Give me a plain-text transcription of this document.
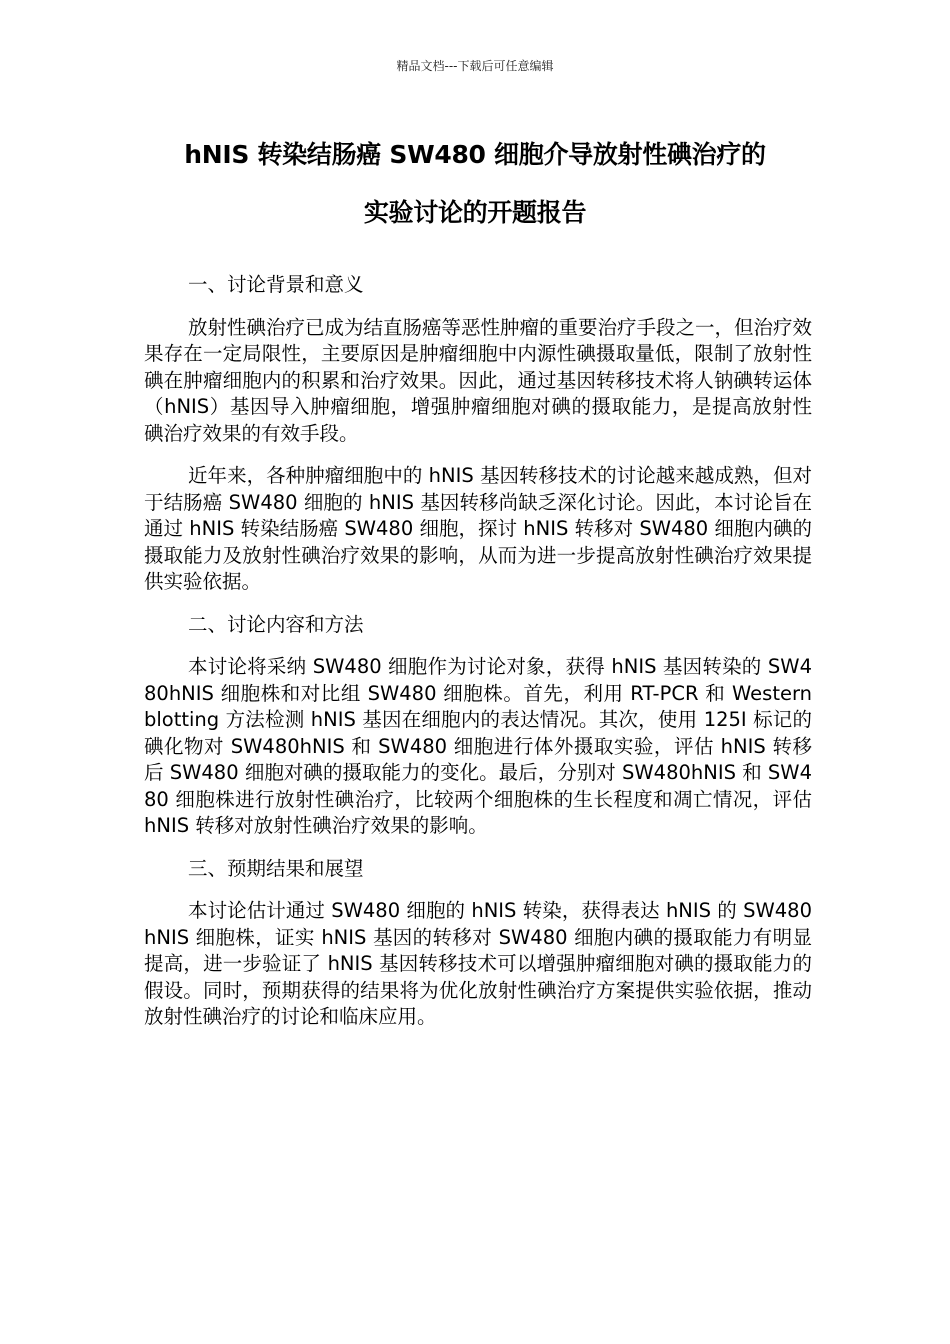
精品文档---下载后可任意编辑
hNIS 转染结肠癌 SW480 细胞介导放射性碘治疗的
实验讨论的开题报告
一、讨论背景和意义
放射性碘治疗已成为结直肠癌等恶性肿瘤的重要治疗手段之一，但治疗效果存在一定局限性，主要原因是肿瘤细胞中内源性碘摄取量低，限制了放射性碘在肿瘤细胞内的积累和治疗效果。因此，通过基因转移技术将人钠碘转运体（hNIS）基因导入肿瘤细胞，增强肿瘤细胞对碘的摄取能力，是提高放射性碘治疗效果的有效手段。
近年来，各种肿瘤细胞中的 hNIS 基因转移技术的讨论越来越成熟，但对于结肠癌 SW480 细胞的 hNIS 基因转移尚缺乏深化讨论。因此，本讨论旨在通过 hNIS 转染结肠癌 SW480 细胞，探讨 hNIS 转移对 SW480 细胞内碘的摄取能力及放射性碘治疗效果的影响，从而为进一步提高放射性碘治疗效果提供实验依据。
二、讨论内容和方法
本讨论将采纳 SW480 细胞作为讨论对象，获得 hNIS 基因转染的 SW480hNIS 细胞株和对比组 SW480 细胞株。首先，利用 RT-PCR 和 Western blotting 方法检测 hNIS 基因在细胞内的表达情况。其次，使用 125I 标记的碘化物对 SW480hNIS 和 SW480 细胞进行体外摄取实验，评估 hNIS 转移后 SW480 细胞对碘的摄取能力的变化。最后，分别对 SW480hNIS 和 SW480 细胞株进行放射性碘治疗，比较两个细胞株的生长程度和凋亡情况，评估 hNIS 转移对放射性碘治疗效果的影响。
三、预期结果和展望
本讨论估计通过 SW480 细胞的 hNIS 转染，获得表达 hNIS 的 SW480hNIS 细胞株，证实 hNIS 基因的转移对 SW480 细胞内碘的摄取能力有明显提高，进一步验证了 hNIS 基因转移技术可以增强肿瘤细胞对碘的摄取能力的假设。同时，预期获得的结果将为优化放射性碘治疗方案提供实验依据，推动放射性碘治疗的讨论和临床应用。
